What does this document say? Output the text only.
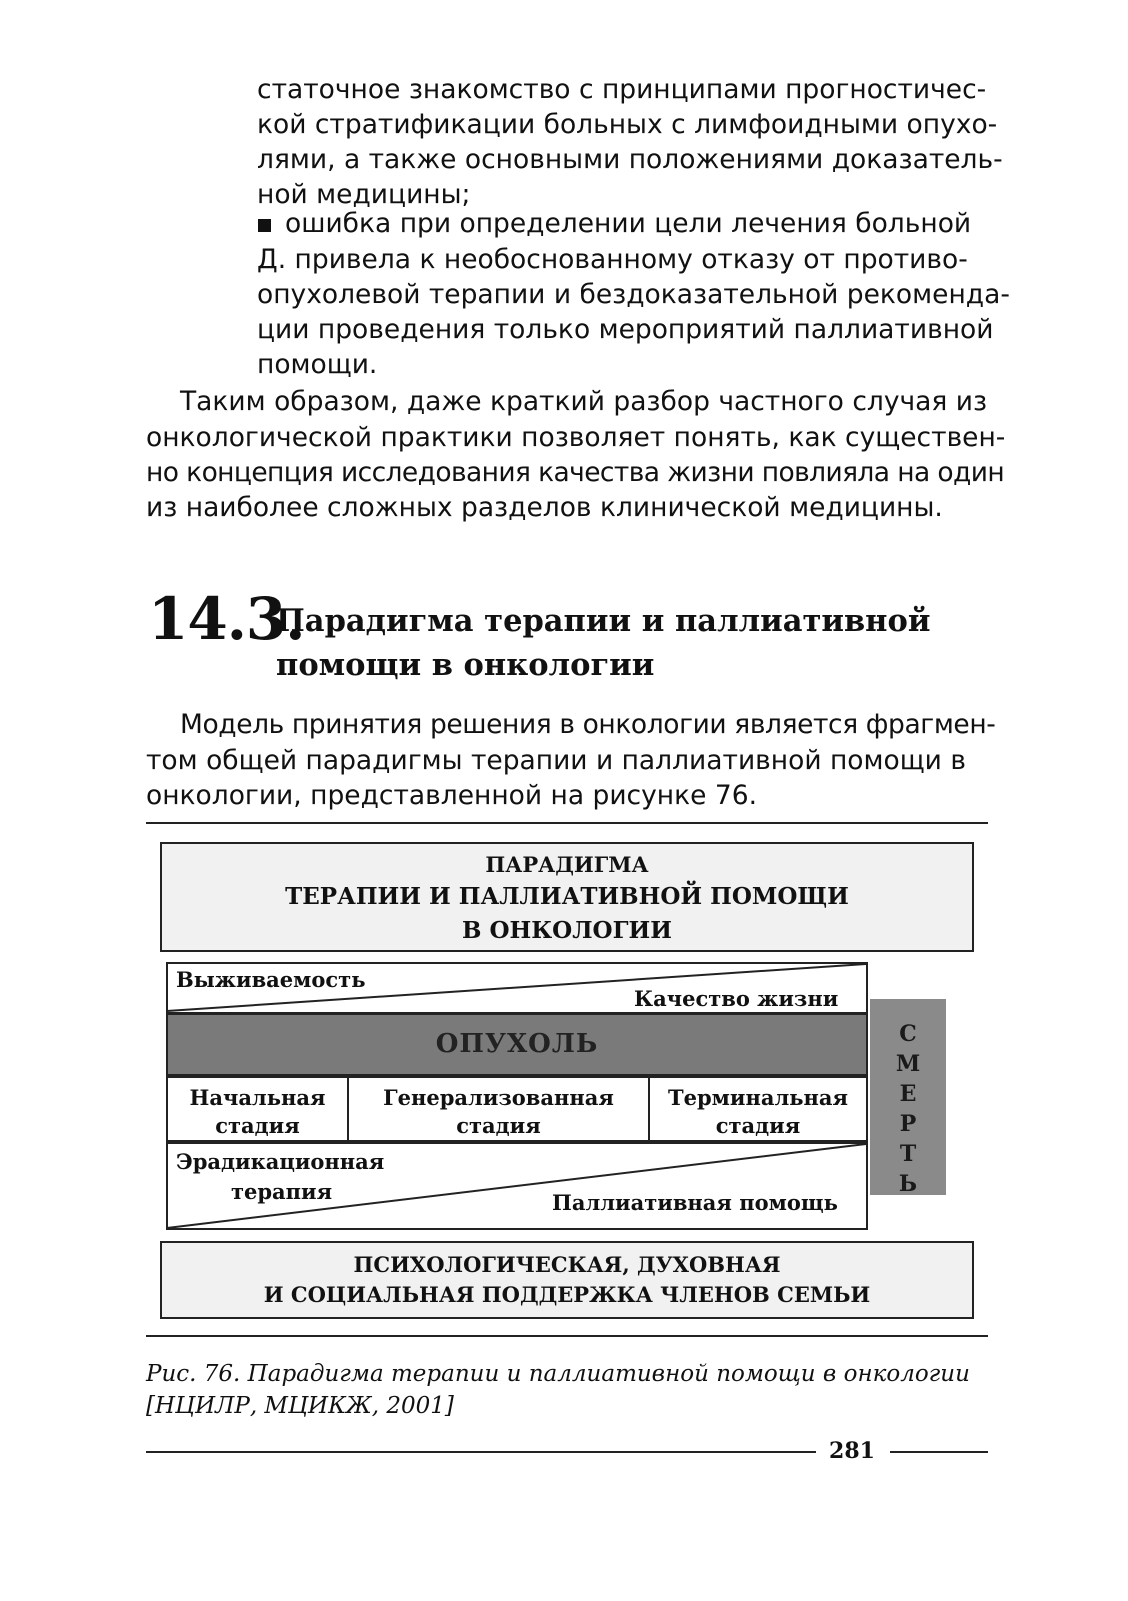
статочное знакомство с принципами прогностичес-
кой стратификации больных с лимфоидными опухо-
лями, а также основными положениями доказатель-
ной медицины;
ошибка при определении цели лечения больной
Д. привела к необоснованному отказу от противо-
опухолевой терапии и бездоказательной рекоменда-
ции проведения только мероприятий паллиативной
помощи.
Таким образом, даже краткий разбор частного случая из
онкологической практики позволяет понять, как существен-
но концепция исследования качества жизни повлияла на один
из наиболее сложных разделов клинической медицины.
14.3.
Парадигма терапии и паллиативной
помощи в онкологии
Модель принятия решения в онкологии является фрагмен-
том общей парадигмы терапии и паллиативной помощи в
онкологии, представленной на рисунке 76.
ПАРАДИГМА
ТЕРАПИИ И ПАЛЛИАТИВНОЙ ПОМОЩИ
В ОНКОЛОГИИ
Выживаемость
Качество жизни
ОПУХОЛЬ	С
М
Е
Р
Т
Ь
Начальная
стадия
Генерализованная
стадия
Терминальная
стадия
Эрадикационная
терапия	Паллиативная помощь
ПСИХОЛОГИЧЕСКАЯ, ДУХОВНАЯ
И СОЦИАЛЬНАЯ ПОДДЕРЖКА ЧЛЕНОВ СЕМЬИ
Рис. 76. Парадигма терапии и паллиативной помощи в онкологии
[НЦИЛР, МЦИКЖ, 2001]
281
